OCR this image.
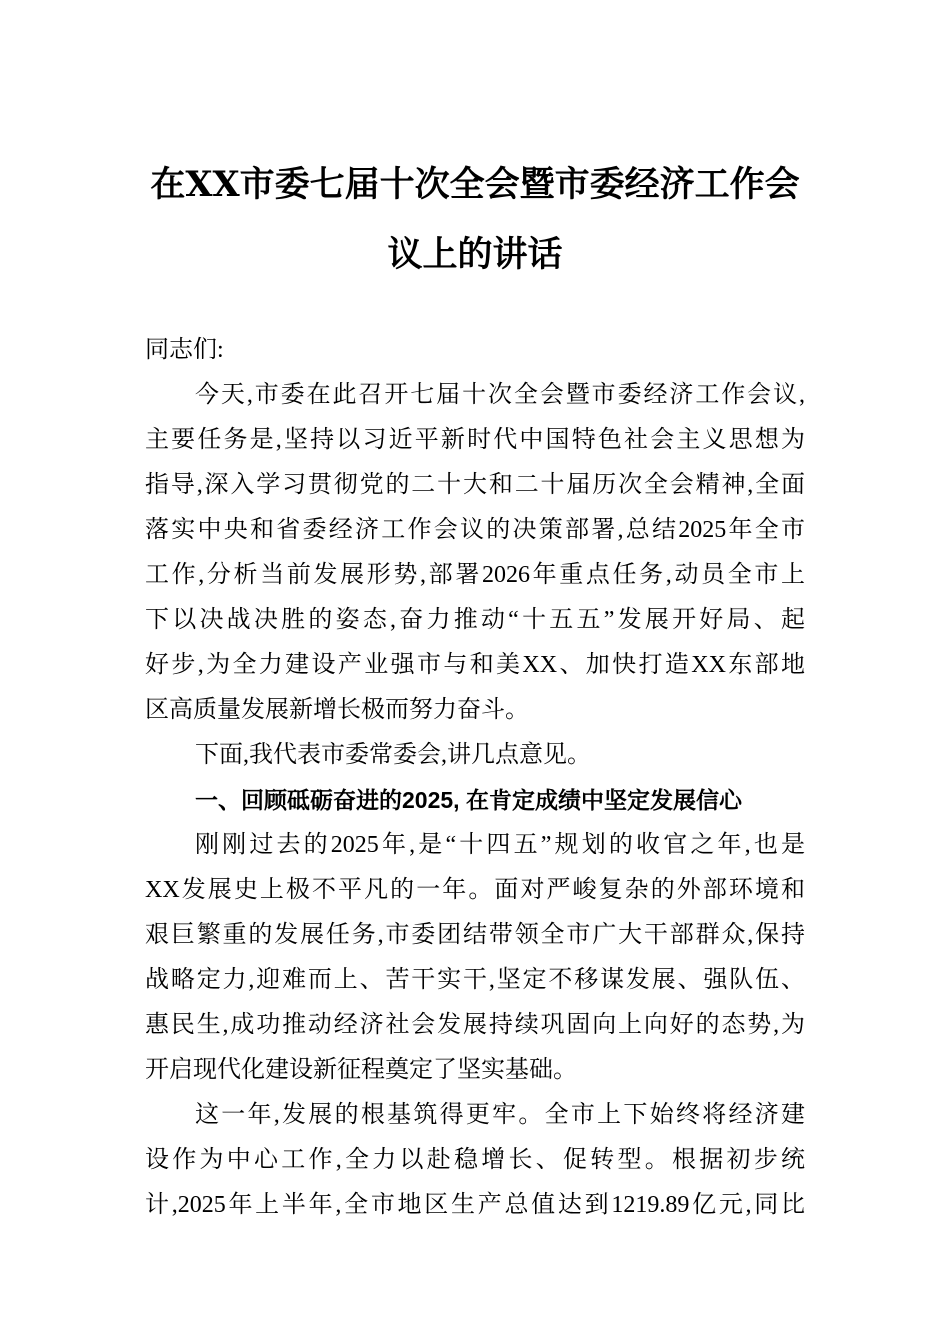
在XX市委七届十次全会暨市委经济工作会
议上的讲话
同志们:
今天,市委在此召开七届十次全会暨市委经济工作会议,
主要任务是,坚持以习近平新时代中国特色社会主义思想为
指导,深入学习贯彻党的二十大和二十届历次全会精神,全面
落实中央和省委经济工作会议的决策部署,总结2025年全市
工作,分析当前发展形势,部署2026年重点任务,动员全市上
下以决战决胜的姿态,奋力推动“十五五”发展开好局、起
好步,为全力建设产业强市与和美XX、加快打造XX东部地
区高质量发展新增长极而努力奋斗。
下面,我代表市委常委会,讲几点意见。
一、回顾砥砺奋进的2025, 在肯定成绩中坚定发展信心
刚刚过去的2025年,是“十四五”规划的收官之年,也是
XX发展史上极不平凡的一年。面对严峻复杂的外部环境和
艰巨繁重的发展任务,市委团结带领全市广大干部群众,保持
战略定力,迎难而上、苦干实干,坚定不移谋发展、强队伍、
惠民生,成功推动经济社会发展持续巩固向上向好的态势,为
开启现代化建设新征程奠定了坚实基础。
这一年,发展的根基筑得更牢。全市上下始终将经济建
设作为中心工作,全力以赴稳增长、促转型。根据初步统
计,2025年上半年,全市地区生产总值达到1219.89亿元,同比
